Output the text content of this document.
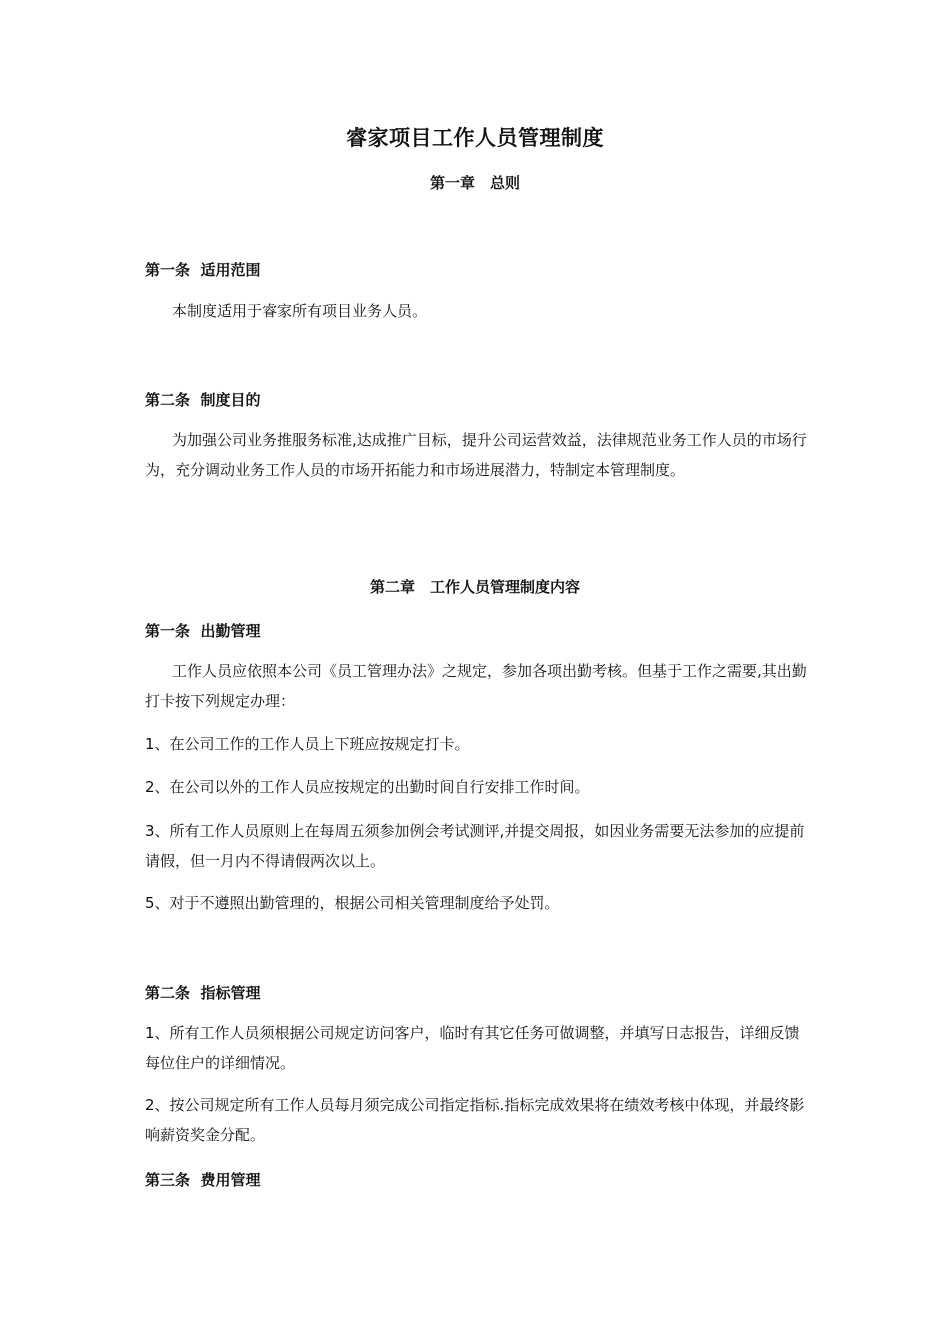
睿家项目工作人员管理制度
第一章　总则
第一条  适用范围
本制度适用于睿家所有项目业务人员。
第二条  制度目的
为加强公司业务推服务标准,达成推广目标，提升公司运营效益，法律规范业务工作人员的市场行为，充分调动业务工作人员的市场开拓能力和市场进展潜力，特制定本管理制度。
第二章　工作人员管理制度内容
第一条  出勤管理
工作人员应依照本公司《员工管理办法》之规定，参加各项出勤考核。但基于工作之需要,其出勤打卡按下列规定办理：
1、在公司工作的工作人员上下班应按规定打卡。
2、在公司以外的工作人员应按规定的出勤时间自行安排工作时间。
3、所有工作人员原则上在每周五须参加例会考试测评,并提交周报，如因业务需要无法参加的应提前请假，但一月内不得请假两次以上。
5、对于不遵照出勤管理的，根据公司相关管理制度给予处罚。
第二条  指标管理
1、所有工作人员须根据公司规定访问客户，临时有其它任务可做调整，并填写日志报告，详细反馈每位住户的详细情况。
2、按公司规定所有工作人员每月须完成公司指定指标.指标完成效果将在绩效考核中体现，并最终影响薪资奖金分配。
第三条  费用管理
